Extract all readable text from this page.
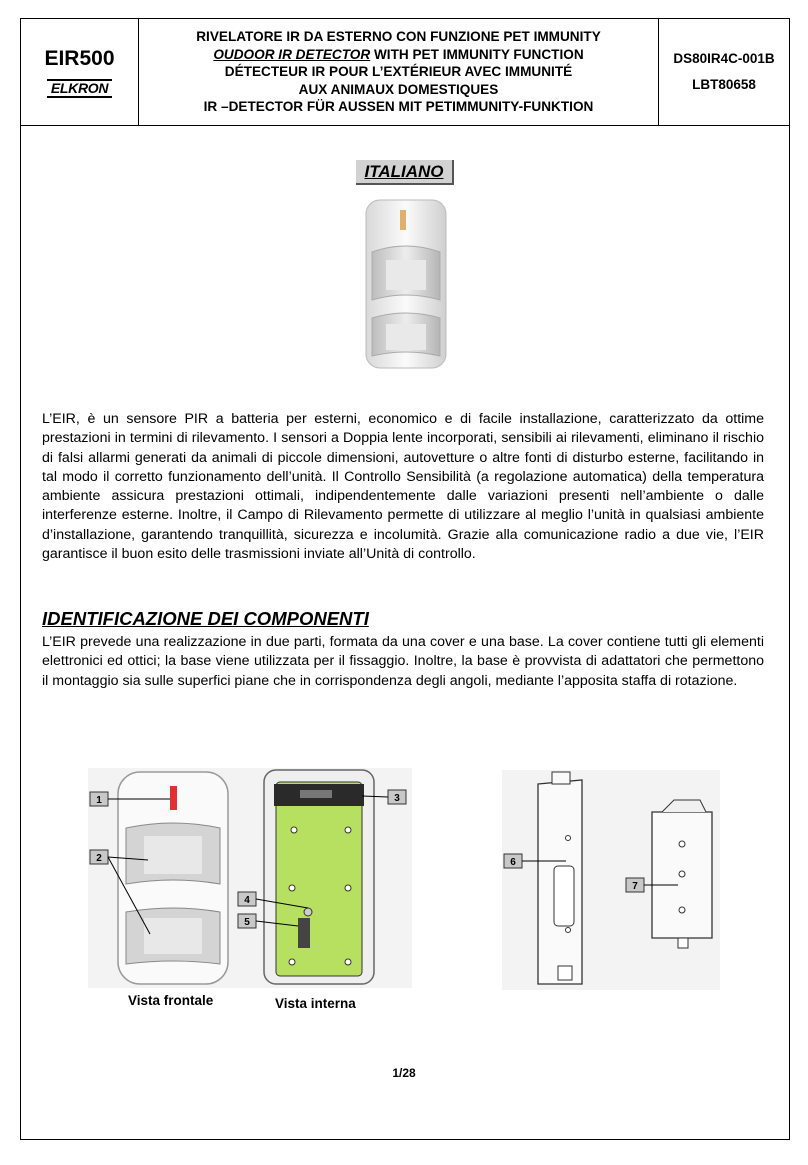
EIR500
ELKRON
RIVELATORE IR DA ESTERNO CON FUNZIONE PET IMMUNITY
OUDOOR IR DETECTOR WITH PET IMMUNITY FUNCTION
DÉTECTEUR IR POUR L’EXTÉRIEUR AVEC IMMUNITÉ
AUX ANIMAUX DOMESTIQUES
IR –DETECTOR FÜR AUSSEN MIT PETIMMUNITY-FUNKTION
DS80IR4C-001B
LBT80658
ITALIANO

L’EIR, è un sensore PIR a batteria per esterni, economico e di facile installazione, caratterizzato da ottime prestazioni in termini di rilevamento. I sensori a Doppia lente incorporati, sensibili ai rilevamenti, eliminano il rischio di falsi allarmi generati da animali di piccole dimensioni, autovetture o altre fonti di disturbo esterne, facilitando in tal modo il corretto funzionamento dell’unità. Il Controllo Sensibilità (a regolazione automatica) della temperatura ambiente assicura prestazioni ottimali, indipendentemente dalle variazioni presenti nell’ambiente o dalle interferenze esterne. Inoltre, il Campo di Rilevamento permette di utilizzare al meglio l’unità in qualsiasi ambiente d’installazione, garantendo tranquillità, sicurezza e incolumità. Grazie alla comunicazione radio a due vie, l’EIR garantisce il buon esito delle trasmissioni inviate all’Unità di controllo.

IDENTIFICAZIONE DEI COMPONENTI

L’EIR prevede una realizzazione in due parti, formata da una cover e una base. La cover contiene tutti gli elementi elettronici ed ottici; la base viene utilizzata per il fissaggio. Inoltre, la base è provvista di adattatori che permettono il montaggio sia sulle superfici piane che in corrispondenza degli angoli, mediante l’apposita staffa di rotazione.

1
2
3
4
5
6
7
Vista frontale	Vista interna
1/28
